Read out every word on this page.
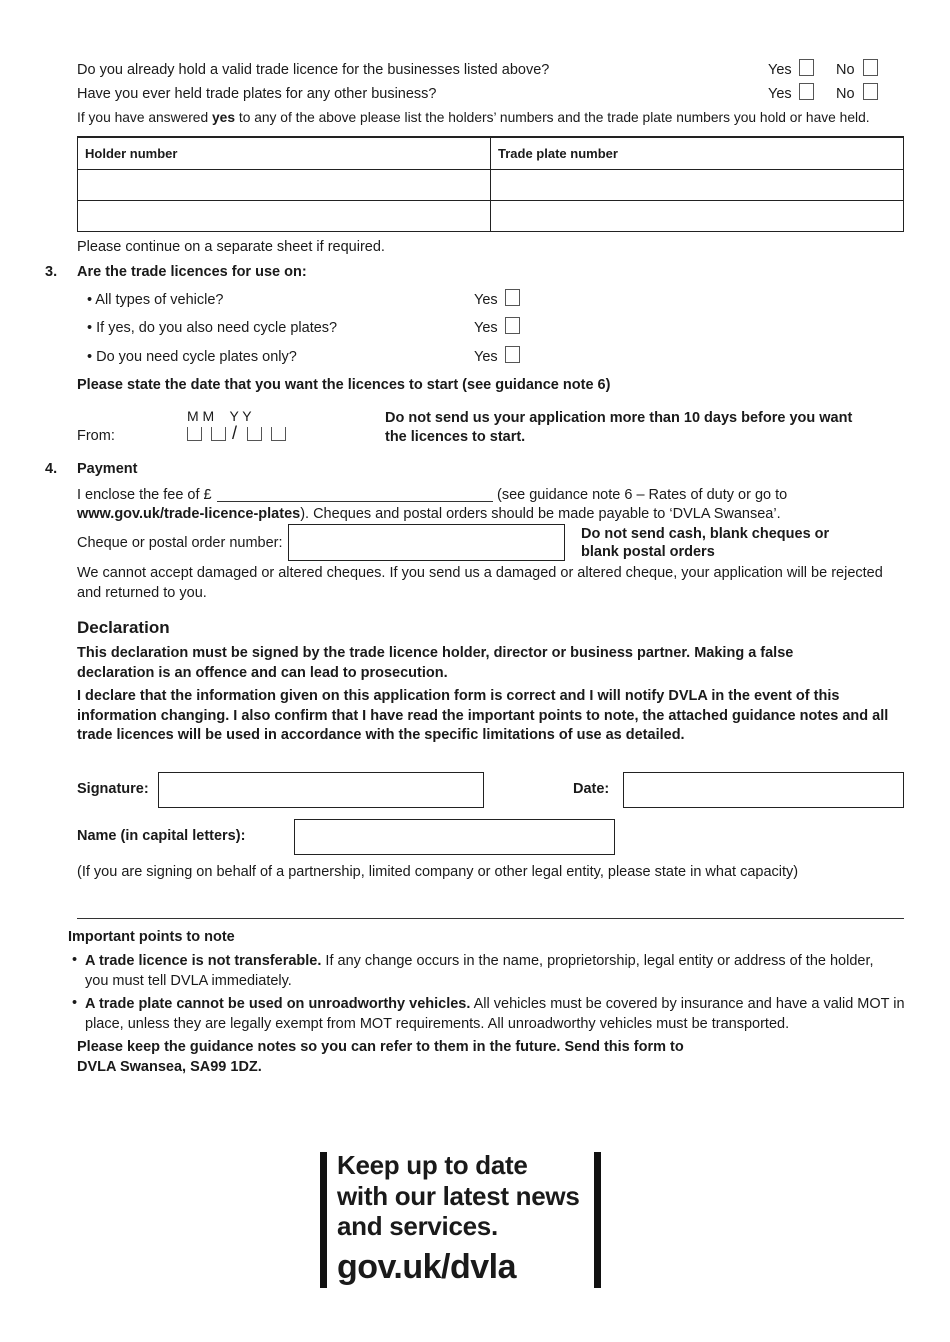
Do you already hold a valid trade licence for the businesses listed above?	Yes	No
Have you ever held trade plates for any other business?	Yes	No
If you have answered yes to any of the above please list the holders’ numbers and the trade plate numbers you hold or have held.
Holder number	Trade plate number

Please continue on a separate sheet if required.
3. Are the trade licences for use on:
• All types of vehicle?	Yes
• If yes, do you also need cycle plates?	Yes
• Do you need cycle plates only?	Yes
Please state the date that you want the licences to start (see guidance note 6)
M M    Y Y
From:	/
Do not send us your application more than 10 days before you want the licences to start.
4. Payment
I enclose the fee of £	(see guidance note 6 – Rates of duty or go to
www.gov.uk/trade-licence-plates). Cheques and postal orders should be made payable to ‘DVLA Swansea’.
Cheque or postal order number:
Do not send cash, blank cheques or blank postal orders
We cannot accept damaged or altered cheques. If you send us a damaged or altered cheque, your application will be rejected and returned to you.
Declaration
This declaration must be signed by the trade licence holder, director or business partner. Making a false declaration is an offence and can lead to prosecution.
I declare that the information given on this application form is correct and I will notify DVLA in the event of this information changing. I also confirm that I have read the important points to note, the attached guidance notes and all trade licences will be used in accordance with the specific limitations of use as detailed.
Signature:	Date:
Name (in capital letters):
(If you are signing on behalf of a partnership, limited company or other legal entity, please state in what capacity)
Important points to note
• A trade licence is not transferable. If any change occurs in the name, proprietorship, legal entity or address of the holder, you must tell DVLA immediately.
• A trade plate cannot be used on unroadworthy vehicles. All vehicles must be covered by insurance and have a valid MOT in place, unless they are legally exempt from MOT requirements. All unroadworthy vehicles must be transported.
Please keep the guidance notes so you can refer to them in the future. Send this form to DVLA Swansea, SA99 1DZ.
Keep up to date
with our latest news
and services.
gov.uk/dvla
